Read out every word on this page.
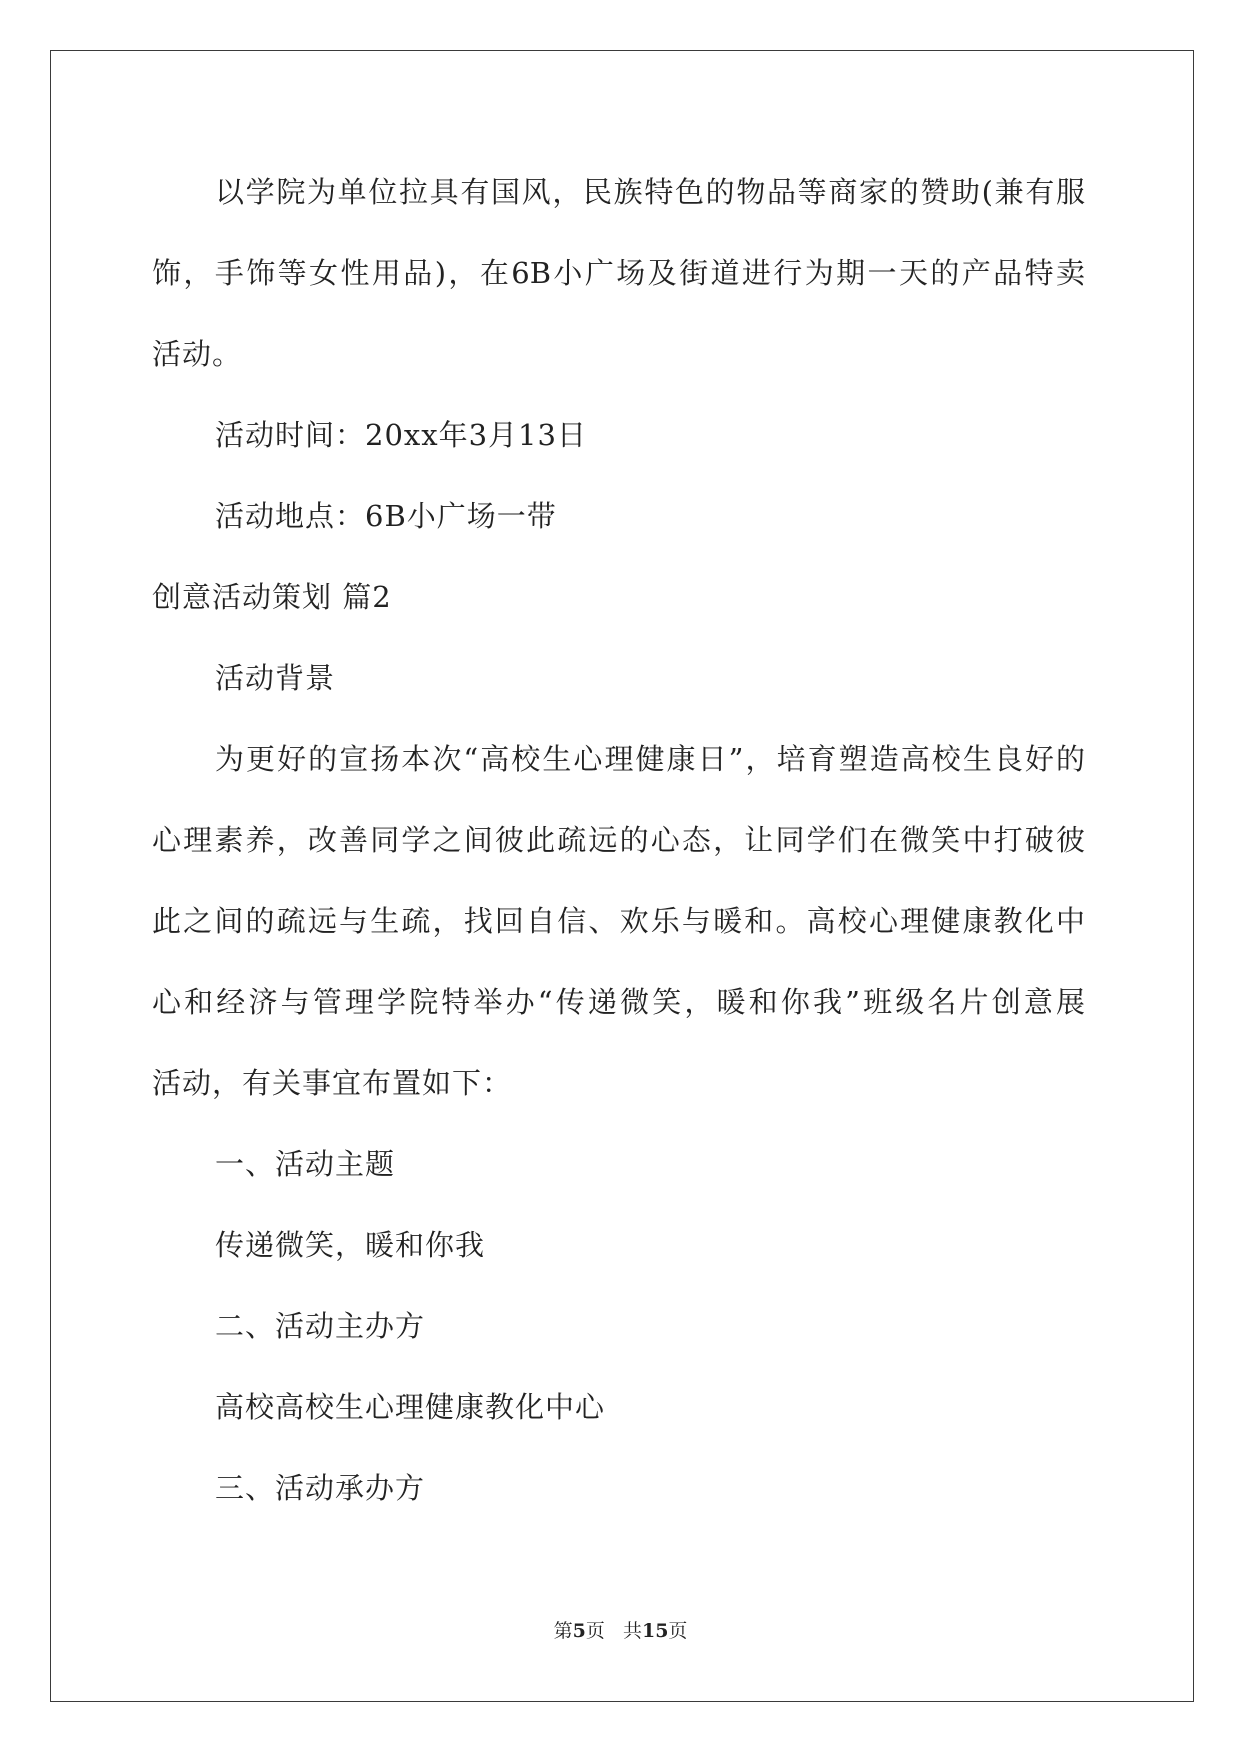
以学院为单位拉具有国风，民族特色的物品等商家的赞助(兼有服
饰，手饰等女性用品)，在6B小广场及街道进行为期一天的产品特卖
活动。
活动时间：20xx年3月13日
活动地点：6B小广场一带
创意活动策划 篇2
活动背景
为更好的宣扬本次“高校生心理健康日”，培育塑造高校生良好的
心理素养，改善同学之间彼此疏远的心态，让同学们在微笑中打破彼
此之间的疏远与生疏，找回自信、欢乐与暖和。高校心理健康教化中
心和经济与管理学院特举办“传递微笑，暖和你我”班级名片创意展
活动，有关事宜布置如下：
一、活动主题
传递微笑，暖和你我
二、活动主办方
高校高校生心理健康教化中心
三、活动承办方
第5页 共15页
